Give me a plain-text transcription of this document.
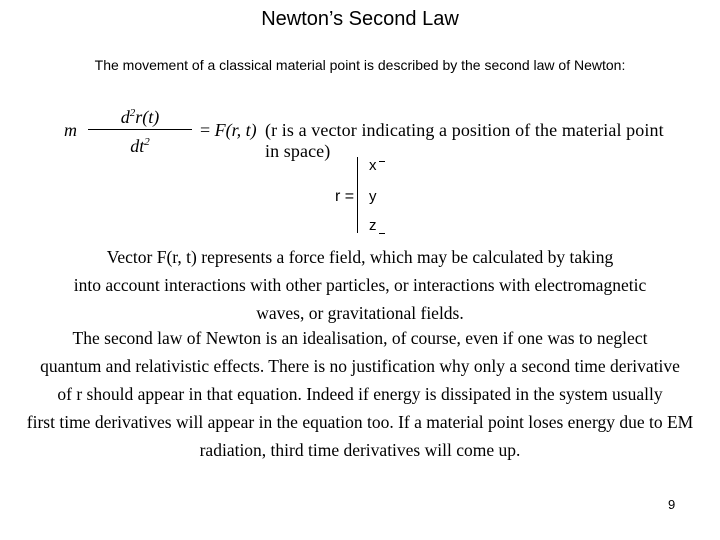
Newton’s Second Law
The movement of a classical material point is described by the second law of Newton:
m
$d^2r(t)$
$dt^2$
= F(r, t) (r is a vector indicating a position of the material point in space)
r =
x
y
z
Vector F(r, t) represents a force field, which may be calculated by taking
into account interactions with other particles, or interactions with electromagnetic
waves, or gravitational fields.
The second law of Newton is an idealisation, of course, even if one was to neglect
quantum and relativistic effects. There is no justification why only a second time derivative
of r should appear in that equation. Indeed if energy is dissipated in the system usually
first time derivatives will appear in the equation too. If a material point loses energy due to EM
radiation, third time derivatives will come up.
9
